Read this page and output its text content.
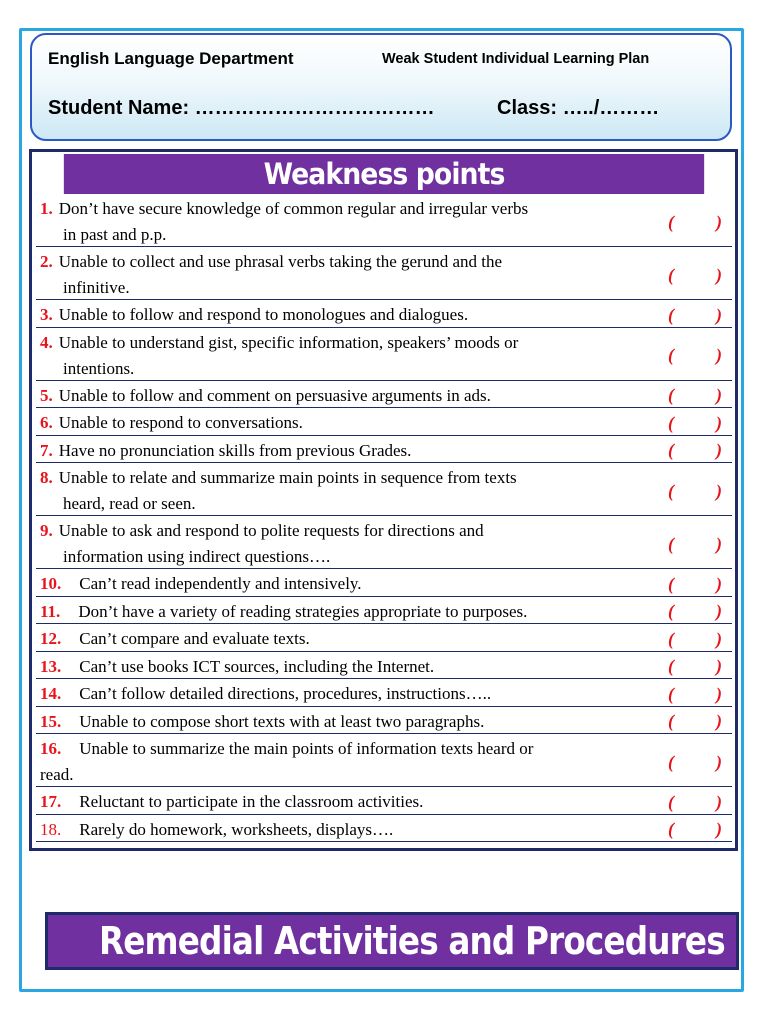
English Language Department	Weak Student Individual Learning Plan
Student Name: ………………………………	Class: …../………
Weakness points
1. Don’t have secure knowledge of common regular and irregular verbs
in past and p.p.
( )
2. Unable to collect and use phrasal verbs taking the gerund and the
infinitive.
( )
3. Unable to follow and respond to monologues and dialogues.	( )
4. Unable to understand gist, specific information, speakers’ moods or
intentions.
( )
5. Unable to follow and comment on persuasive arguments in ads.	( )
6. Unable to respond to conversations.	( )
7. Have no pronunciation skills from previous Grades.	( )
8. Unable to relate and summarize main points in sequence from texts
heard, read or seen.
( )
9. Unable to ask and respond to polite requests for directions and
information using indirect questions….
( )
10. Can’t read independently and intensively.	( )
11. Don’t have a variety of reading strategies appropriate to purposes.	( )
12. Can’t compare and evaluate texts.	( )
13. Can’t use books ICT sources, including the Internet.	( )
14. Can’t follow detailed directions, procedures, instructions…..	( )
15. Unable to compose short texts with at least two paragraphs.	( )
16. Unable to summarize the main points of information texts heard or
read.
( )
17. Reluctant to participate in the classroom activities.	( )
18. Rarely do homework, worksheets, displays….	( )
Remedial Activities and Procedures
